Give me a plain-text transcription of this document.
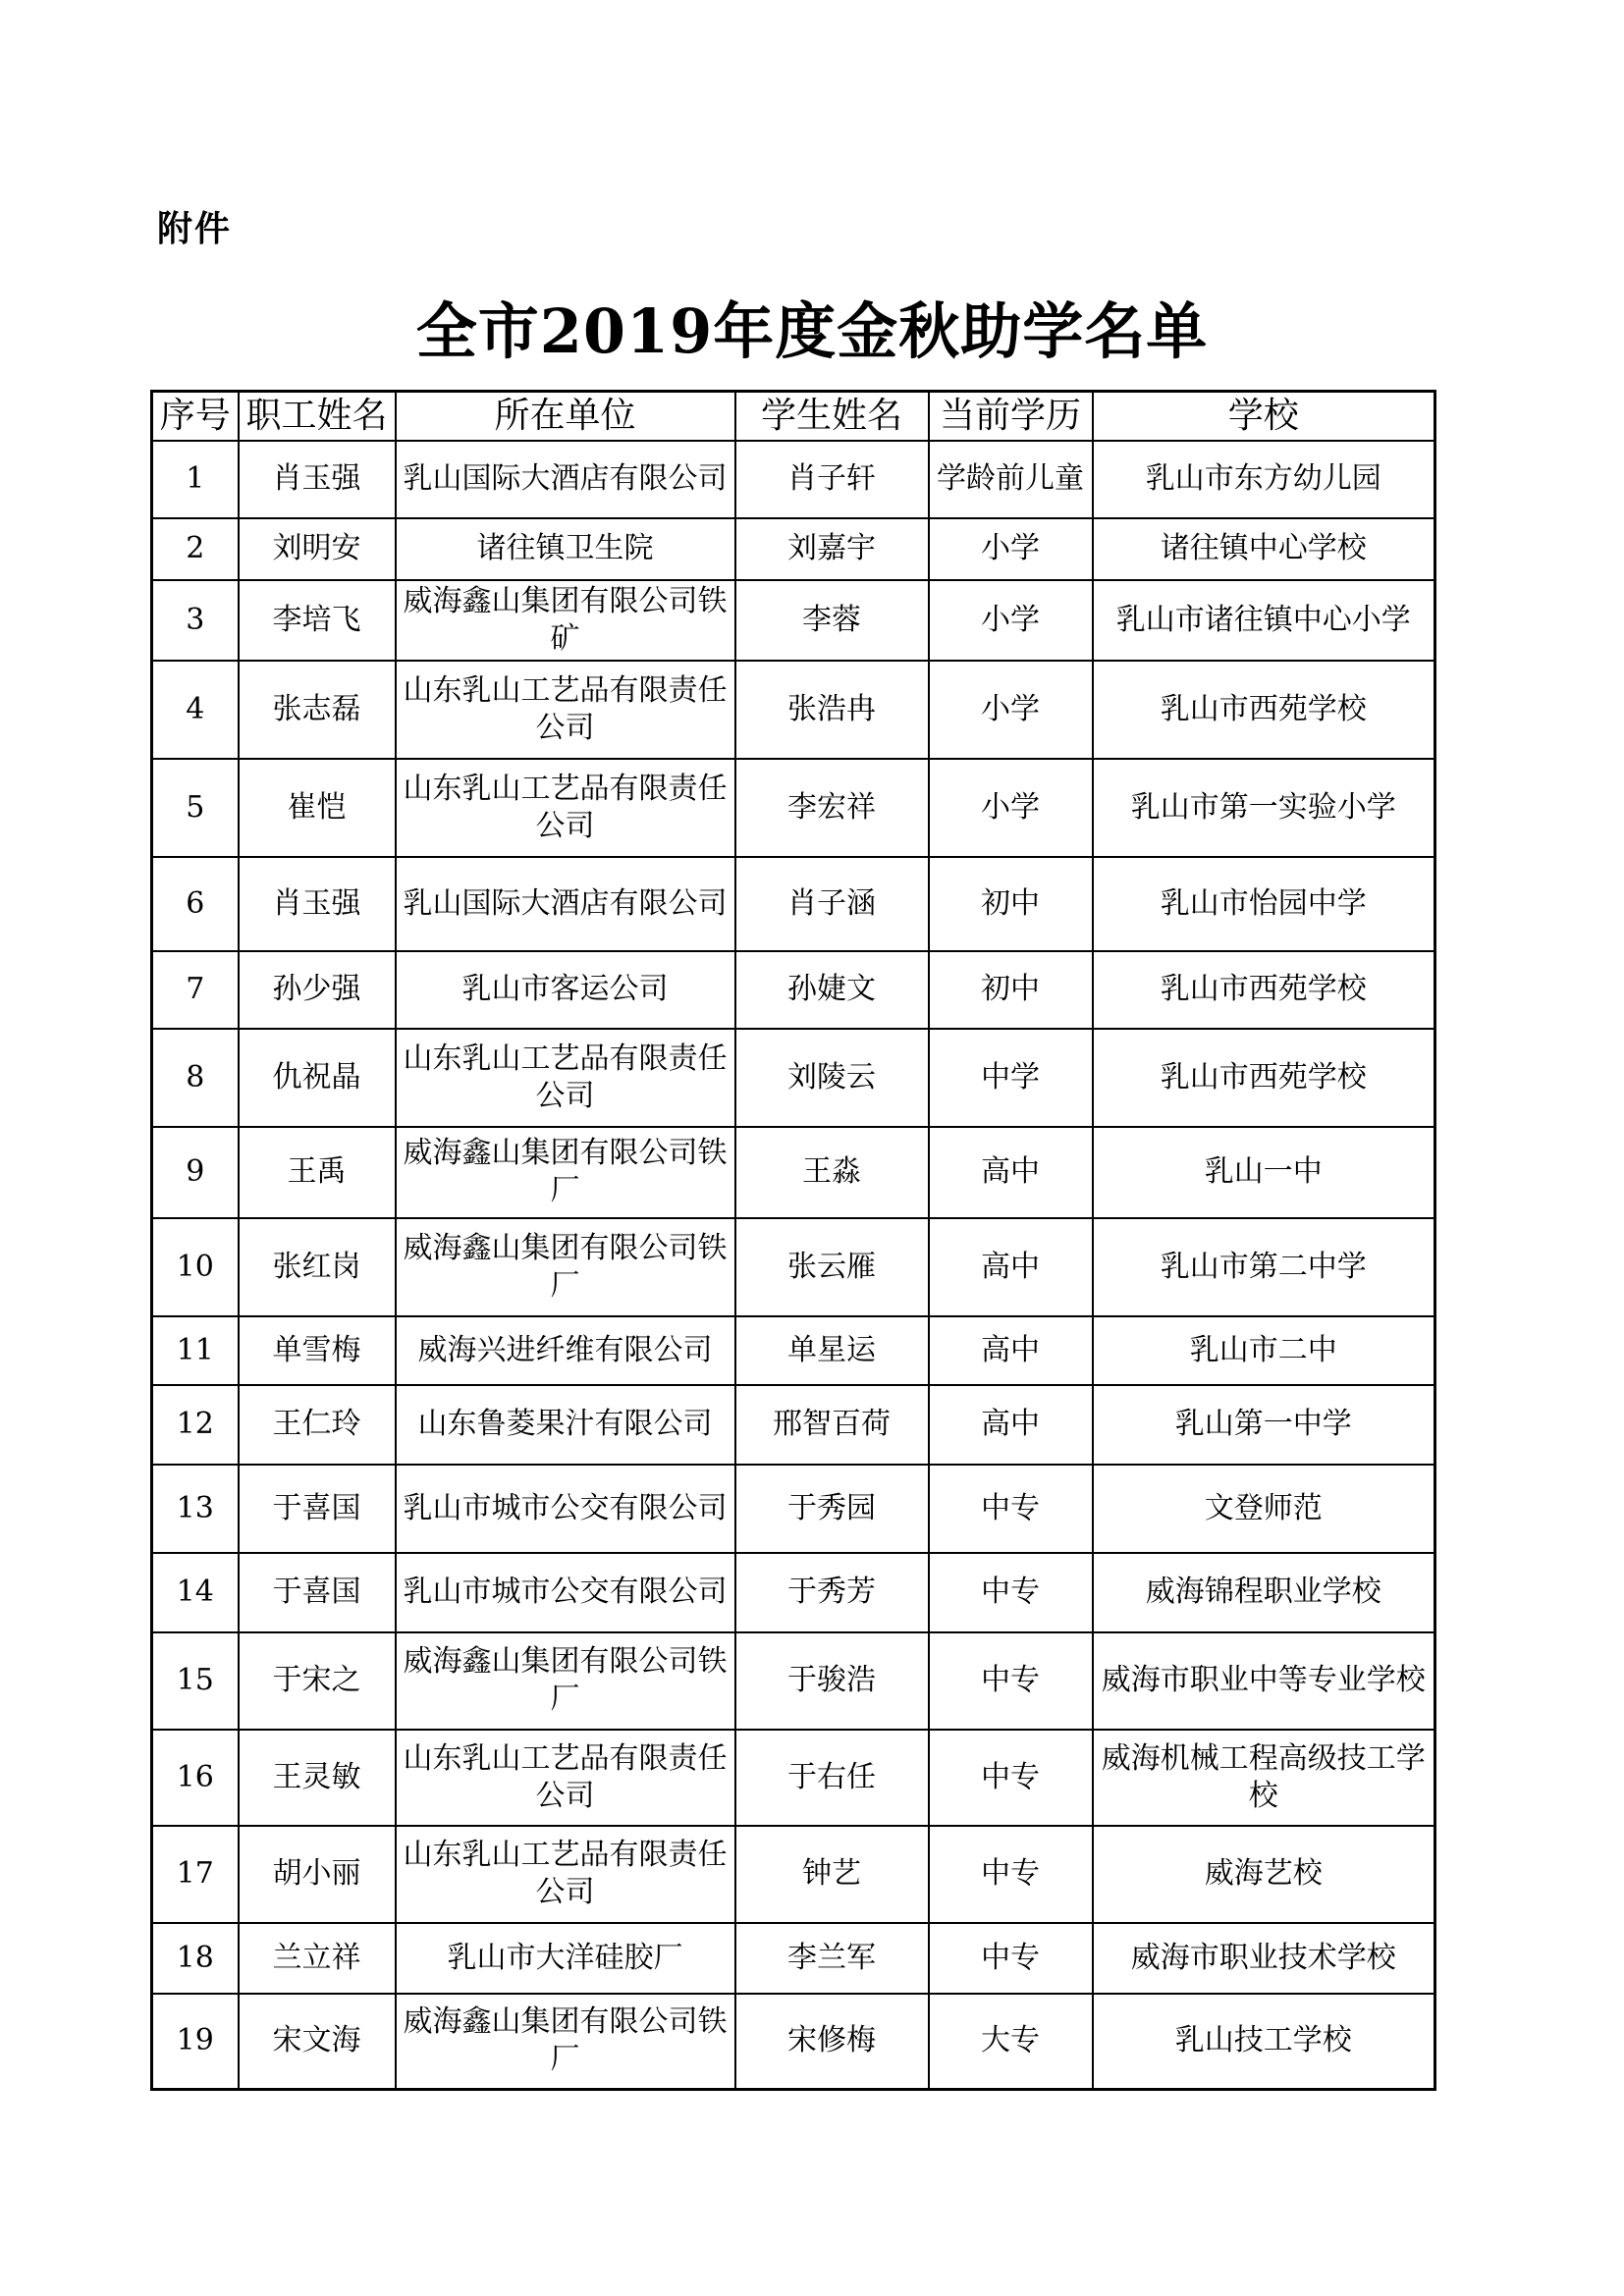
附件
全市2019年度金秋助学名单
序号	职工姓名	所在单位	学生姓名	当前学历	学校
1	肖玉强	乳山国际大酒店有限公司	肖子轩	学龄前儿童	乳山市东方幼儿园
2	刘明安	诸往镇卫生院	刘嘉宇	小学	诸往镇中心学校
3	李培飞	威海鑫山集团有限公司铁矿	李蓉	小学	乳山市诸往镇中心小学
4	张志磊	山东乳山工艺品有限责任公司	张浩冉	小学	乳山市西苑学校
5	崔恺	山东乳山工艺品有限责任公司	李宏祥	小学	乳山市第一实验小学
6	肖玉强	乳山国际大酒店有限公司	肖子涵	初中	乳山市怡园中学
7	孙少强	乳山市客运公司	孙婕文	初中	乳山市西苑学校
8	仇祝晶	山东乳山工艺品有限责任公司	刘陵云	中学	乳山市西苑学校
9	王禹	威海鑫山集团有限公司铁厂	王淼	高中	乳山一中
10	张红岗	威海鑫山集团有限公司铁厂	张云雁	高中	乳山市第二中学
11	单雪梅	威海兴进纤维有限公司	单星运	高中	乳山市二中
12	王仁玲	山东鲁菱果汁有限公司	邢智百荷	高中	乳山第一中学
13	于喜国	乳山市城市公交有限公司	于秀园	中专	文登师范
14	于喜国	乳山市城市公交有限公司	于秀芳	中专	威海锦程职业学校
15	于宋之	威海鑫山集团有限公司铁厂	于骏浩	中专	威海市职业中等专业学校
16	王灵敏	山东乳山工艺品有限责任公司	于右任	中专	威海机械工程高级技工学校
17	胡小丽	山东乳山工艺品有限责任公司	钟艺	中专	威海艺校
18	兰立祥	乳山市大洋硅胶厂	李兰军	中专	威海市职业技术学校
19	宋文海	威海鑫山集团有限公司铁厂	宋修梅	大专	乳山技工学校
